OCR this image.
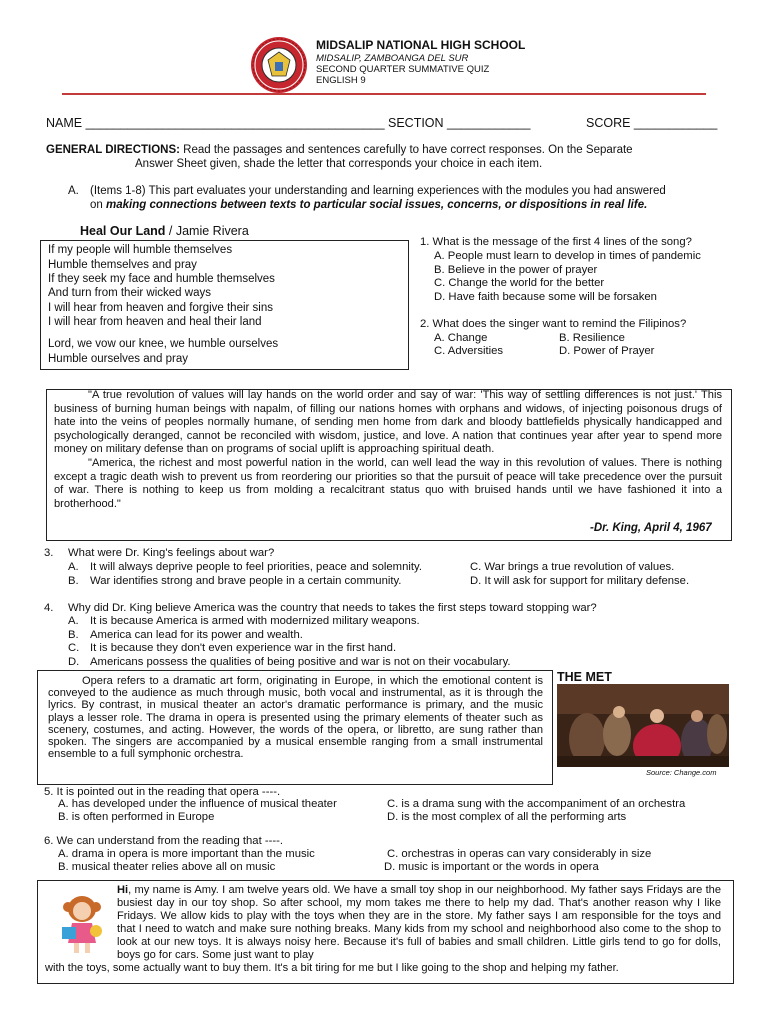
MIDSALIP NATIONAL HIGH SCHOOL
MIDSALIP, ZAMBOANGA DEL SUR
SECOND QUARTER SUMMATIVE QUIZ
ENGLISH 9
NAME ___________________________________________ SECTION ____________	SCORE ____________
GENERAL DIRECTIONS: Read the passages and sentences carefully to have correct responses. On the Separate
Answer Sheet given, shade the letter that corresponds your choice in each item.
A. (Items 1-8) This part evaluates your understanding and learning experiences with the modules you had answered
on making connections between texts to particular social issues, concerns, or dispositions in real life.
Heal Our Land / Jamie Rivera
If my people will humble themselves
Humble themselves and pray
If they seek my face and humble themselves
And turn from their wicked ways
I will hear from heaven and forgive their sins
I will hear from heaven and heal their land
Lord, we vow our knee, we humble ourselves
Humble ourselves and pray
1. What is the message of the first 4 lines of the song?
A. People must learn to develop in times of pandemic
B. Believe in the power of prayer
C. Change the world for the better
D. Have faith because some will be forsaken
2. What does the singer want to remind the Filipinos?
A. Change	B. Resilience
C. Adversities	D. Power of Prayer

"A true revolution of values will lay hands on the world order and say of war: 'This way of settling differences is not just.' This business of burning human beings with napalm, of filling our nations homes with orphans and widows, of injecting poisonous drugs of hate into the veins of peoples normally humane, of sending men home from dark and bloody battlefields physically handicapped and psychologically deranged, cannot be reconciled with wisdom, justice, and love. A nation that continues year after year to spend more money on military defense than on programs of social uplift is approaching spiritual death.

"America, the richest and most powerful nation in the world, can well lead the way in this revolution of values. There is nothing except a tragic death wish to prevent us from reordering our priorities so that the pursuit of peace will take precedence over the pursuit of war. There is nothing to keep us from molding a recalcitrant status quo with bruised hands until we have fashioned it into a brotherhood."

-Dr. King, April 4, 1967
3. What were Dr. King's feelings about war?
A. It will always deprive people to feel priorities, peace and solemnity.	C. War brings a true revolution of values.
B. War identifies strong and brave people in a certain community.	D. It will ask for support for military defense.
4. Why did Dr. King believe America was the country that needs to takes the first steps toward stopping war?
A. It is because America is armed with modernized military weapons.
B. America can lead for its power and wealth.
C. It is because they don't even experience war in the first hand.
D. Americans possess the qualities of being positive and war is not on their vocabulary.

Opera refers to a dramatic art form, originating in Europe, in which the emotional content is conveyed to the audience as much through music, both vocal and instrumental, as it is through the lyrics. By contrast, in musical theater an actor's dramatic performance is primary, and the music plays a lesser role. The drama in opera is presented using the primary elements of theater such as scenery, costumes, and acting. However, the words of the opera, or libretto, are sung rather than spoken. The singers are accompanied by a musical ensemble ranging from a small instrumental ensemble to a full symphonic orchestra.

THE MET
Source: Change.com
5. It is pointed out in the reading that opera ----.
A. has developed under the influence of musical theater	C. is a drama sung with the accompaniment of an orchestra
B. is often performed in Europe	D. is the most complex of all the performing arts
6. We can understand from the reading that ----.
A. drama in opera is more important than the music	C. orchestras in operas can vary considerably in size
B. musical theater relies above all on music	D. music is important or the words in opera

Hi, my name is Amy. I am twelve years old. We have a small toy shop in our neighborhood. My father says Fridays are the busiest day in our toy shop. So after school, my mom takes me there to help my dad. That's another reason why I like Fridays. We allow kids to play with the toys when they are in the store. My father says I am responsible for the toys and that I need to watch and make sure nothing breaks. Many kids from my school and neighborhood also come to the shop to look at our new toys. It is always noisy here. Because it's full of babies and small children. Little girls tend to go for dolls, boys go for cars. Some just want to play

with the toys, some actually want to buy them. It's a bit tiring for me but I like going to the shop and helping my father.
